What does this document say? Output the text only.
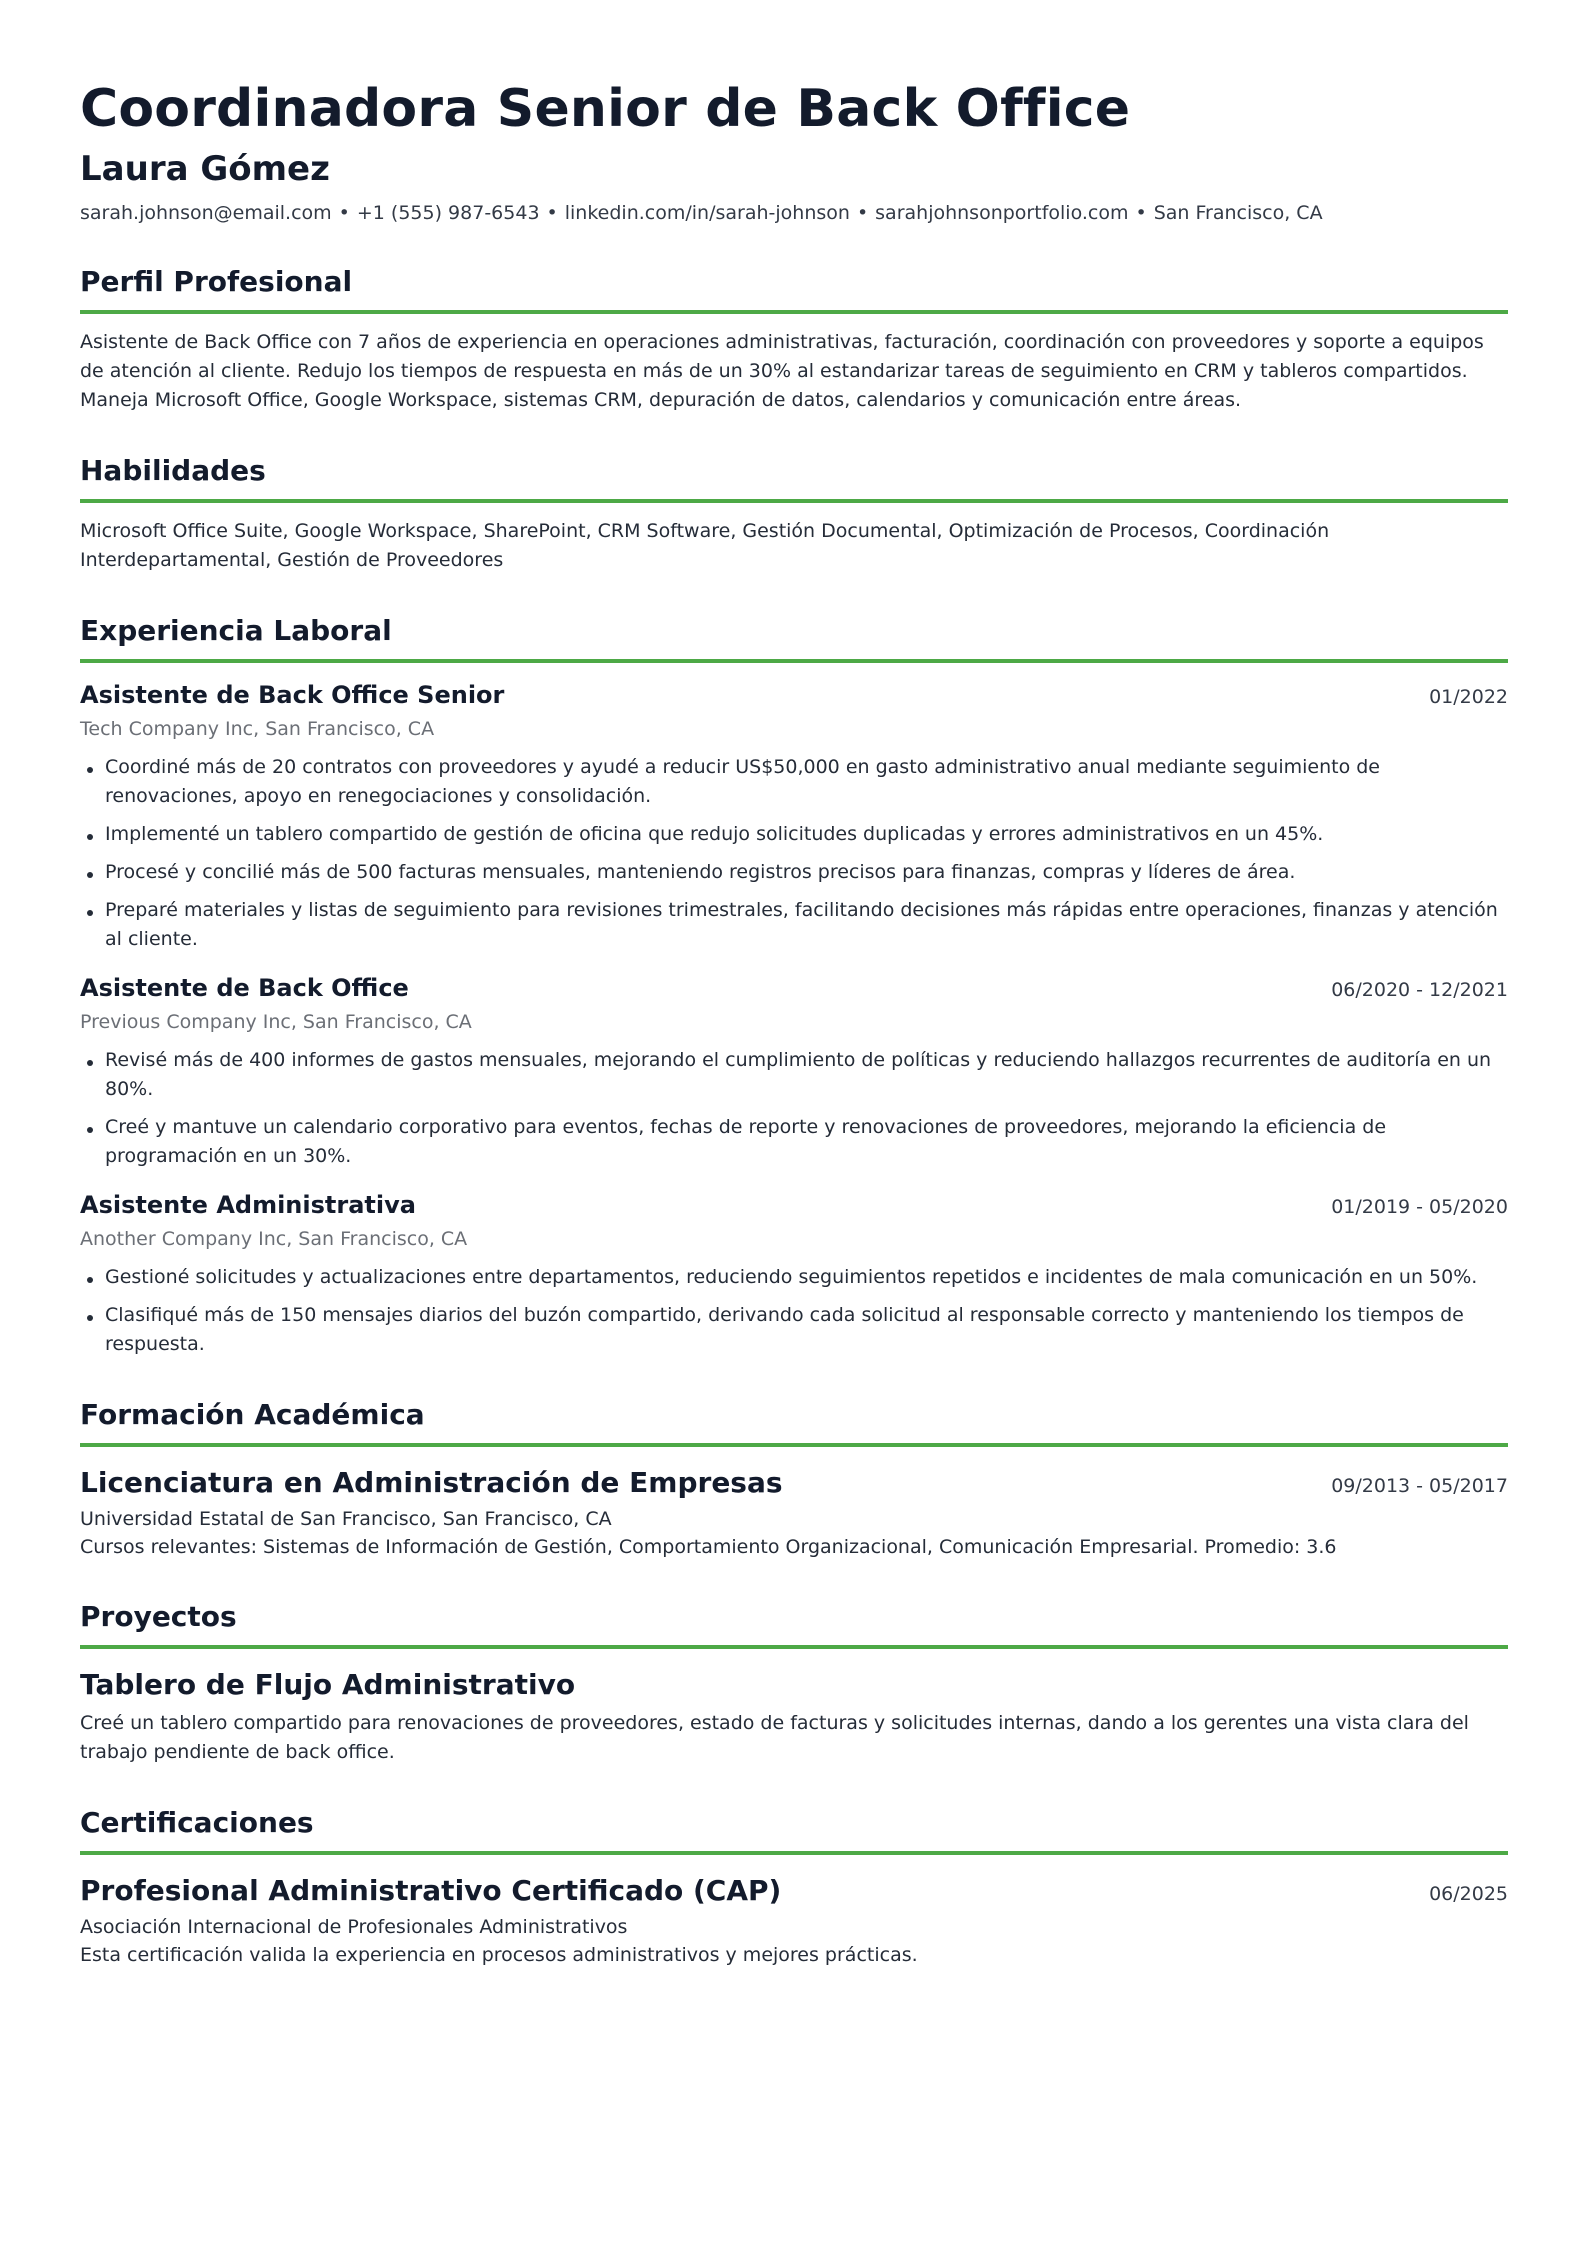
Coordinadora Senior de Back Office
Laura Gómez
sarah.johnson@email.com • +1 (555) 987-6543 • linkedin.com/in/sarah-johnson • sarahjohnsonportfolio.com • San Francisco, CA
Perfil Profesional
Asistente de Back Office con 7 años de experiencia en operaciones administrativas, facturación, coordinación con proveedores y soporte a equipos de atención al cliente. Redujo los tiempos de respuesta en más de un 30% al estandarizar tareas de seguimiento en CRM y tableros compartidos. Maneja Microsoft Office, Google Workspace, sistemas CRM, depuración de datos, calendarios y comunicación entre áreas.
Habilidades
Microsoft Office Suite, Google Workspace, SharePoint, CRM Software, Gestión Documental, Optimización de Procesos, Coordinación Interdepartamental, Gestión de Proveedores
Experiencia Laboral
Asistente de Back Office Senior	01/2022
Tech Company Inc, San Francisco, CA
Coordiné más de 20 contratos con proveedores y ayudé a reducir US$50,000 en gasto administrativo anual mediante seguimiento de renovaciones, apoyo en renegociaciones y consolidación.
Implementé un tablero compartido de gestión de oficina que redujo solicitudes duplicadas y errores administrativos en un 45%.
Procesé y concilié más de 500 facturas mensuales, manteniendo registros precisos para finanzas, compras y líderes de área.
Preparé materiales y listas de seguimiento para revisiones trimestrales, facilitando decisiones más rápidas entre operaciones, finanzas y atención al cliente.
Asistente de Back Office	06/2020 - 12/2021
Previous Company Inc, San Francisco, CA
Revisé más de 400 informes de gastos mensuales, mejorando el cumplimiento de políticas y reduciendo hallazgos recurrentes de auditoría en un 80%.
Creé y mantuve un calendario corporativo para eventos, fechas de reporte y renovaciones de proveedores, mejorando la eficiencia de programación en un 30%.
Asistente Administrativa	01/2019 - 05/2020
Another Company Inc, San Francisco, CA
Gestioné solicitudes y actualizaciones entre departamentos, reduciendo seguimientos repetidos e incidentes de mala comunicación en un 50%.
Clasifiqué más de 150 mensajes diarios del buzón compartido, derivando cada solicitud al responsable correcto y manteniendo los tiempos de respuesta.
Formación Académica
Licenciatura en Administración de Empresas	09/2013 - 05/2017
Universidad Estatal de San Francisco, San Francisco, CA
Cursos relevantes: Sistemas de Información de Gestión, Comportamiento Organizacional, Comunicación Empresarial. Promedio: 3.6
Proyectos
Tablero de Flujo Administrativo
Creé un tablero compartido para renovaciones de proveedores, estado de facturas y solicitudes internas, dando a los gerentes una vista clara del trabajo pendiente de back office.
Certificaciones
Profesional Administrativo Certificado (CAP)	06/2025
Asociación Internacional de Profesionales Administrativos
Esta certificación valida la experiencia en procesos administrativos y mejores prácticas.
